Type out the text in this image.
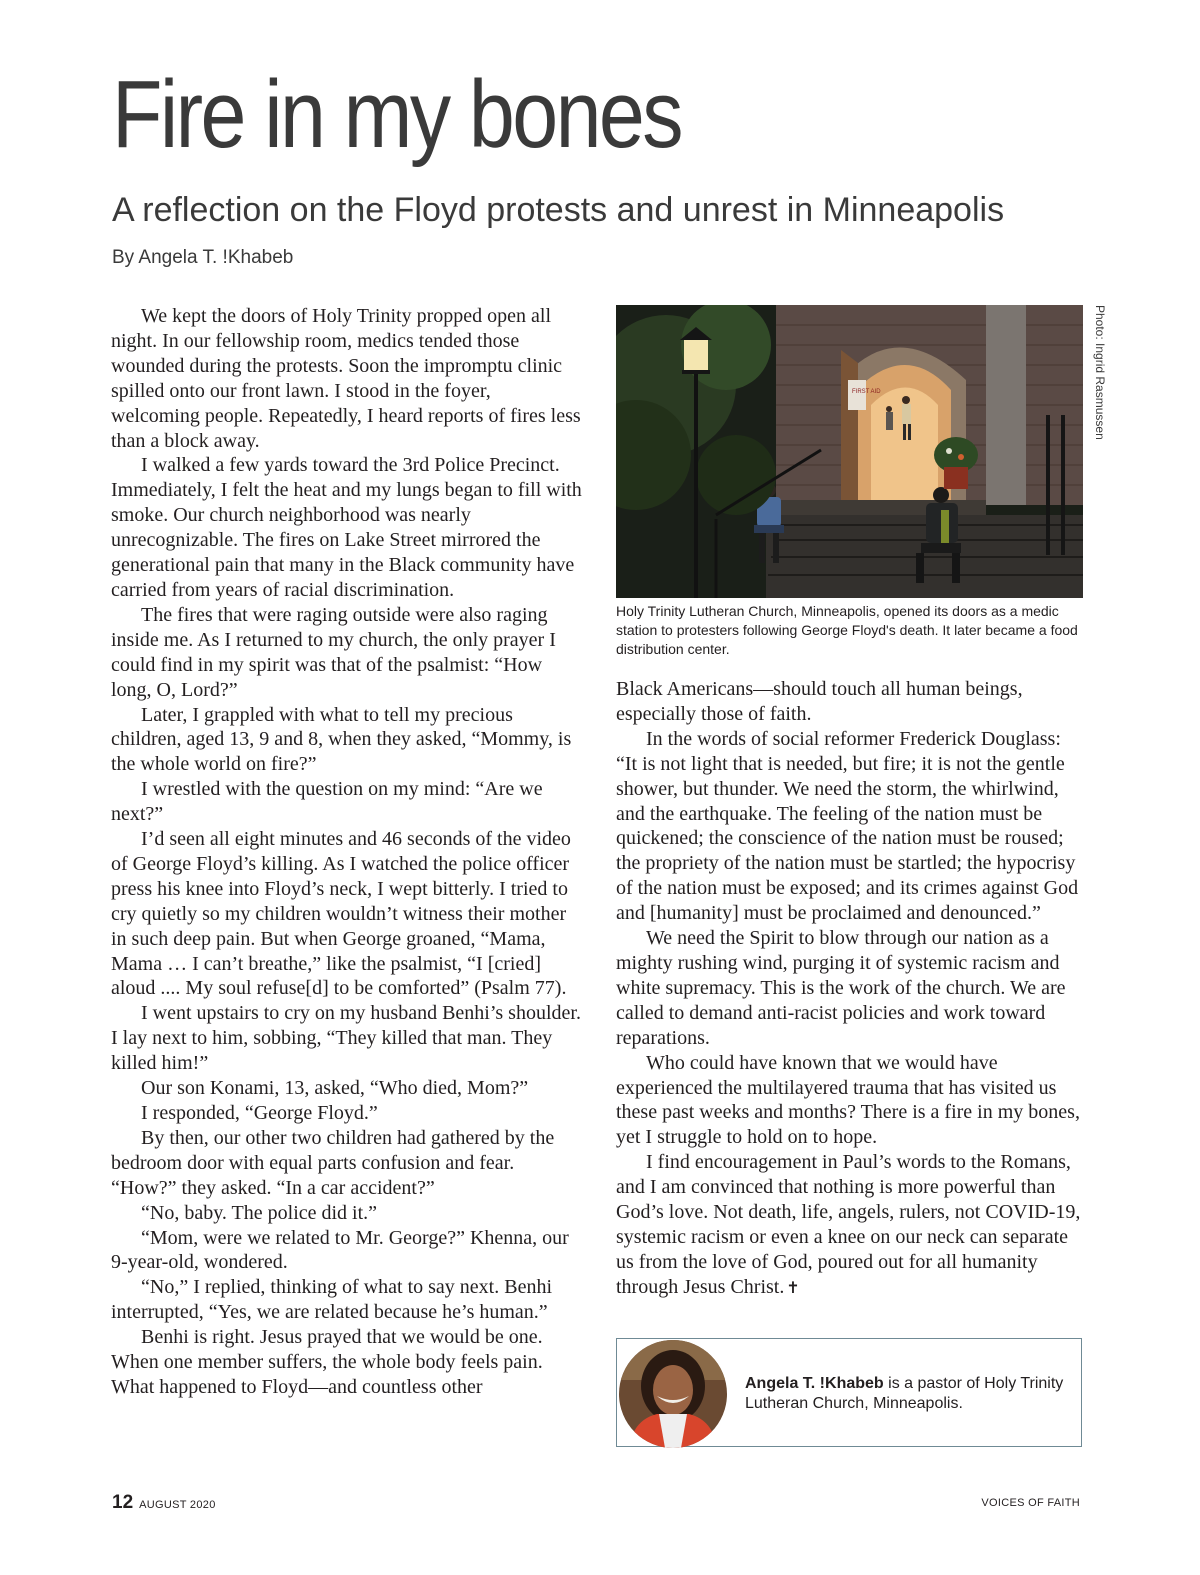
Fire in my bones
A reflection on the Floyd protests and unrest in Minneapolis

By Angela T. !Khabeb

We kept the doors of Holy Trinity propped open all night. In our fellowship room, medics tended those wounded during the protests. Soon the impromptu clinic spilled onto our front lawn. I stood in the foyer, welcoming people. Repeatedly, I heard reports of fires less than a block away.

I walked a few yards toward the 3rd Police Precinct. Immediately, I felt the heat and my lungs began to fill with smoke. Our church neighborhood was nearly unrecognizable. The fires on Lake Street mirrored the generational pain that many in the Black community have carried from years of racial discrimination.

The fires that were raging outside were also raging inside me. As I returned to my church, the only prayer I could find in my spirit was that of the psalmist: “How long, O, Lord?”

Later, I grappled with what to tell my precious children, aged 13, 9 and 8, when they asked, “Mommy, is the whole world on fire?”

I wrestled with the question on my mind: “Are we next?”

I’d seen all eight minutes and 46 seconds of the video of George Floyd’s killing. As I watched the police officer press his knee into Floyd’s neck, I wept bitterly. I tried to cry quietly so my children wouldn’t witness their mother in such deep pain. But when George groaned, “Mama, Mama … I can’t breathe,” like the psalmist, “I [cried] aloud .... My soul refuse[d] to be comforted” (Psalm 77).

I went upstairs to cry on my husband Benhi’s shoulder. I lay next to him, sobbing, “They killed that man. They killed him!”

Our son Konami, 13, asked, “Who died, Mom?”

I responded, “George Floyd.”

By then, our other two children had gathered by the bedroom door with equal parts confusion and fear. “How?” they asked. “In a car accident?”

“No, baby. The police did it.”

“Mom, were we related to Mr. George?” Khenna, our 9-year-old, wondered.

“No,” I replied, thinking of what to say next. Benhi interrupted, “Yes, we are related because he’s human.”

Benhi is right. Jesus prayed that we would be one. When one member suffers, the whole body feels pain. What happened to Floyd—and countless other

FIRST AID	Photo: Ingrid Rasmussen

Holy Trinity Lutheran Church, Minneapolis, opened its doors as a medic station to protesters following George Floyd's death. It later became a food distribution center.

Black Americans—should touch all human beings, especially those of faith.

In the words of social reformer Frederick Douglass: “It is not light that is needed, but fire; it is not the gentle shower, but thunder. We need the storm, the whirlwind, and the earthquake. The feeling of the nation must be quickened; the conscience of the nation must be roused; the propriety of the nation must be startled; the hypocrisy of the nation must be exposed; and its crimes against God and [humanity] must be proclaimed and denounced.”

We need the Spirit to blow through our nation as a mighty rushing wind, purging it of systemic racism and white supremacy. This is the work of the church. We are called to demand anti-racist policies and work toward reparations.

Who could have known that we would have experienced the multilayered trauma that has visited us these past weeks and months? There is a fire in my bones, yet I struggle to hold on to hope.

I find encouragement in Paul’s words to the Romans, and I am convinced that nothing is more powerful than God’s love. Not death, life, angels, rulers, not COVID-19, systemic racism or even a knee on our neck can separate us from the love of God, poured out for all humanity through Jesus Christ. ✝

Angela T. !Khabeb is a pastor of Holy Trinity Lutheran Church, Minneapolis.

12 AUGUST 2020	VOICES OF FAITH
